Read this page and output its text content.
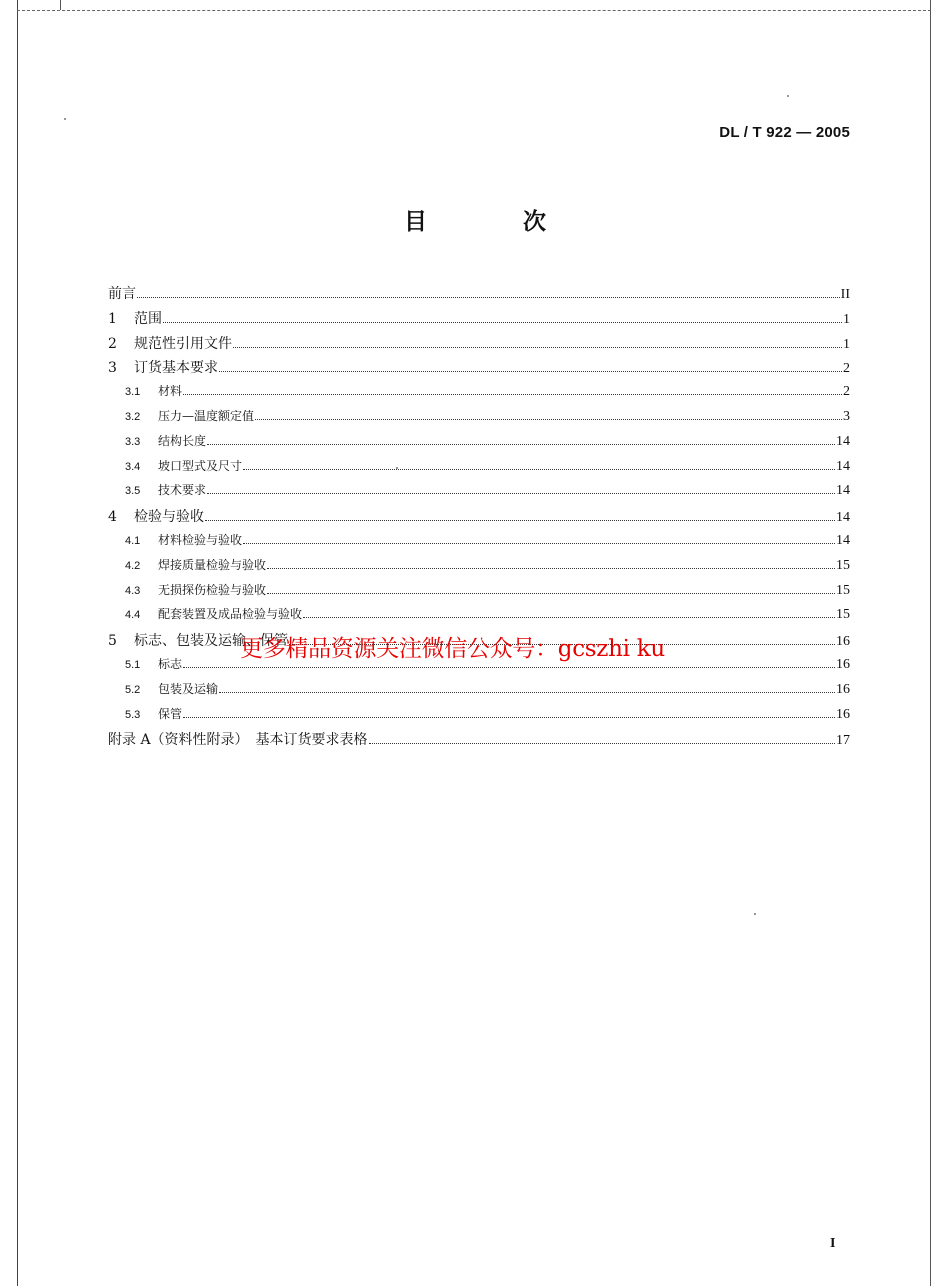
DL / T 922 — 2005
目 次
前言	II
1	范围	1
2	规范性引用文件	1
3	订货基本要求	2
3.1	材料	2
3.2	压力—温度额定值	3
3.3	结构长度	14
3.4	坡口型式及尺寸	14
3.5	技术要求	14
4	检验与验收	14
4.1	材料检验与验收	14
4.2	焊接质量检验与验收	15
4.3	无损探伤检验与验收	15
4.4	配套装置及成品检验与验收	15
5	标志、包装及运输、保管	16
5.1	标志	16
5.2	包装及运输	16
5.3	保管	16
附录 A（资料性附录）　基本订货要求表格	17
更多精品资源关注微信公众号：gcszhi ku
I
